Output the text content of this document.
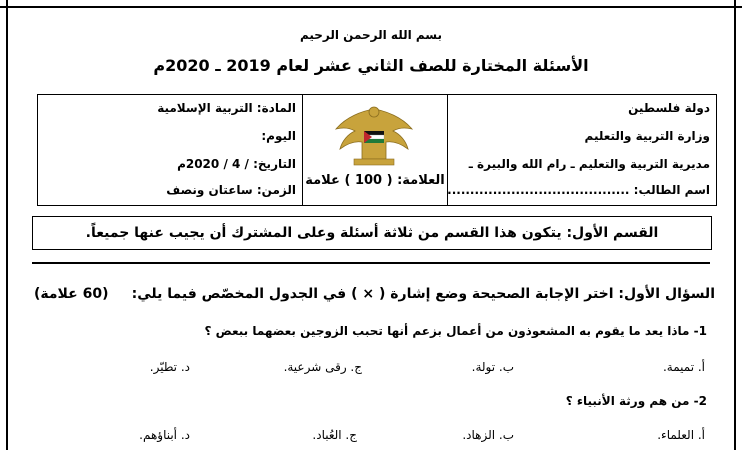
بسم الله الرحمن الرحيم
الأسئلة المختارة للصف الثاني عشر لعام 2019 ـ 2020م
دولة فلسطين
وزارة التربية والتعليم
مديرية التربية والتعليم ـ رام الله والبيرة ـ
اسم الطالب: ........................................
العلامة: ( 100 ) علامة
المادة: التربية الإسلامية
اليوم:
التاريخ: / 4 / 2020م
الزمن: ساعتان ونصف
القسم الأول: يتكون هذا القسم من ثلاثة أسئلة وعلى المشترك أن يجيب عنها جميعاً.
السؤال الأول: اختر الإجابة الصحيحة وضع إشارة ( × ) في الجدول المخصّص فيما يلي:
(60 علامة)
1- ماذا يعد ما يقوم به المشعوذون من أعمال بزعم أنها تحبب الزوجين بعضهما ببعض ؟
أ. تميمة.
ب. تولة.
ج. رقى شرعية.
د. تطيّر.
2- من هم ورثة الأنبياء ؟
أ. العلماء.
ب. الزهاد.
ج. العُباد.
د. أبناؤهم.
